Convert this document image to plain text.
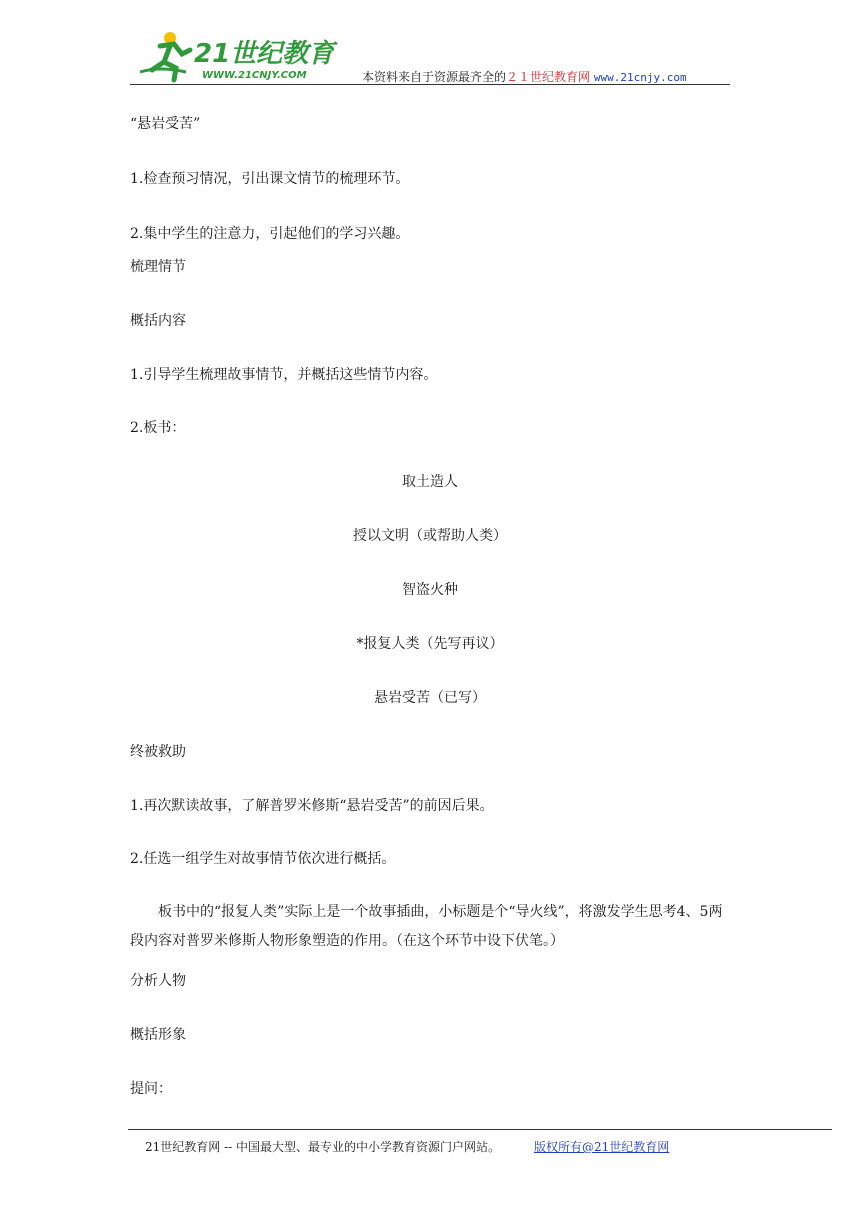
21世纪教育
WWW.21CNJY.COM	本资料来自于资源最齐全的２１世纪教育网 www.21cnjy.com
“悬岩受苦”
1.检查预习情况，引出课文情节的梳理环节。
2.集中学生的注意力，引起他们的学习兴趣。
梳理情节
概括内容
1.引导学生梳理故事情节，并概括这些情节内容。
2.板书：
取土造人
授以文明（或帮助人类）
智盗火种
*报复人类（先写再议）
悬岩受苦（已写）
终被救助
1.再次默读故事，了解普罗米修斯“悬岩受苦”的前因后果。
2.任选一组学生对故事情节依次进行概括。

板书中的“报复人类”实际上是一个故事插曲，小标题是个“导火线”，将激发学生思考4、5两段内容对普罗米修斯人物形象塑造的作用。（在这个环节中设下伏笔。）

分析人物
概括形象
提问：
21世纪教育网 -- 中国最大型、最专业的中小学教育资源门户网站。	版权所有@21世纪教育网
